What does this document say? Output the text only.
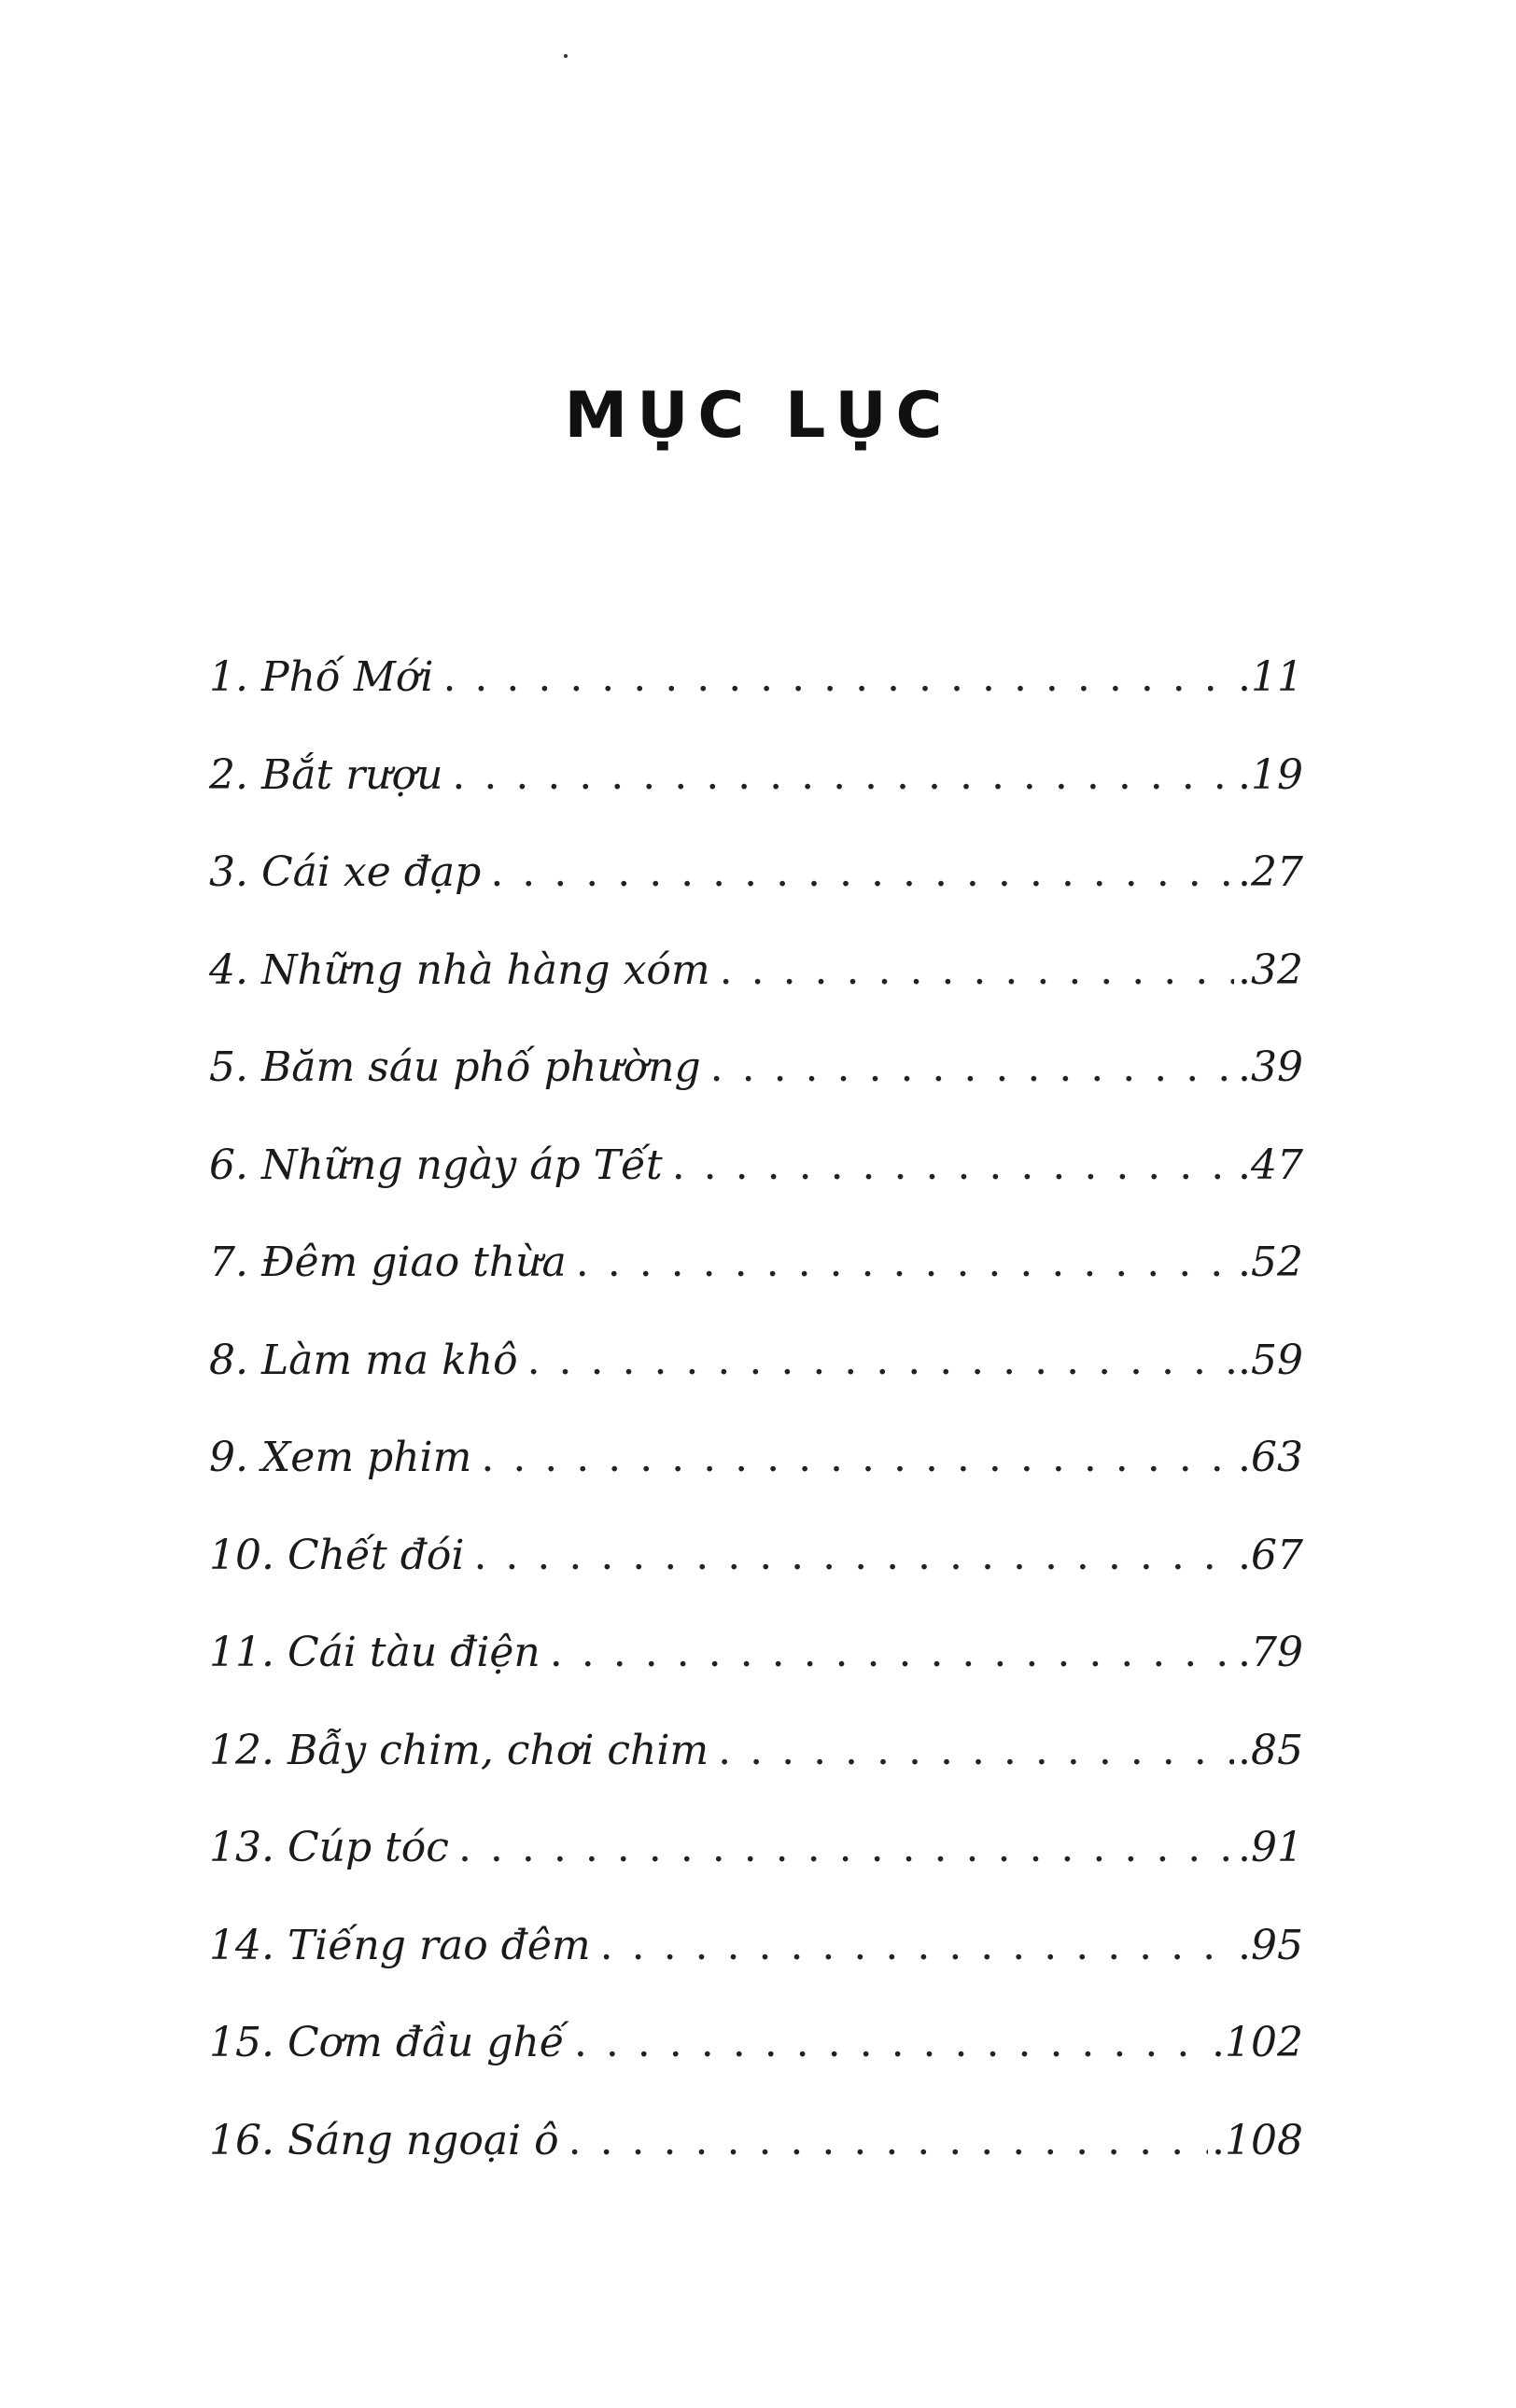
MỤC LỤC
1. Phố Mới . . .	.11
2. Bắt rượu . . .	.19
3. Cái xe đạp . . .	.27
4. Những nhà hàng xóm . . .	.32
5. Băm sáu phố phường . . .	.39
6. Những ngày áp Tết . . .	.47
7. Đêm giao thừa . . .	.52
8. Làm ma khô . . .	.59
9. Xem phim . . .	.63
10. Chết đói . . .	.67
11. Cái tàu điện . . .	.79
12. Bẫy chim, chơi chim . . .	.85
13. Cúp tóc . . .	.91
14. Tiếng rao đêm . . .	.95
15. Cơm đầu ghế . . .	.102
16. Sáng ngoại ô . . .	.108
